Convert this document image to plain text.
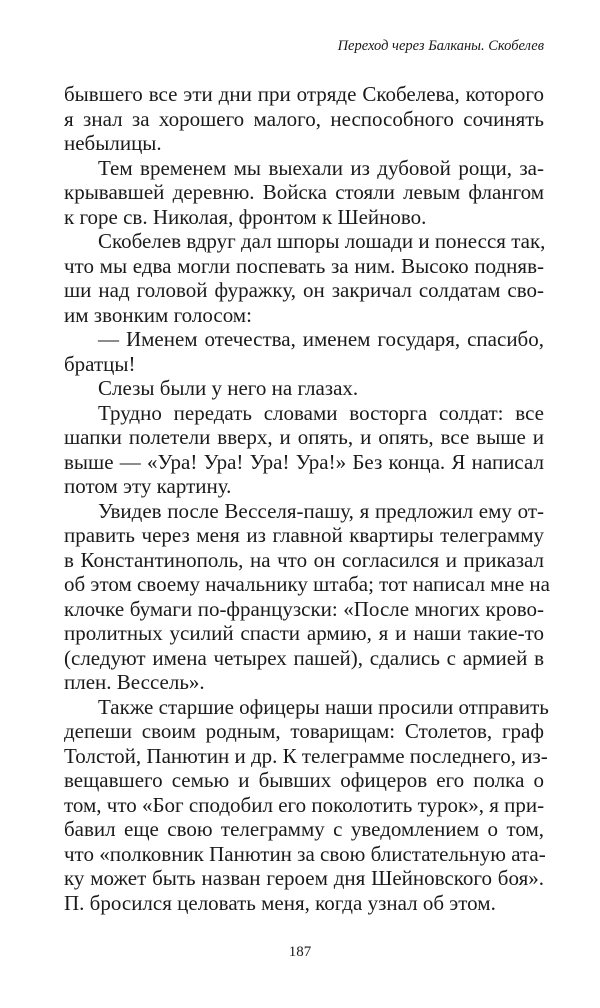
Переход через Балканы. Скобелев
бывшего все эти дни при отряде Скобелева, которого
я знал за хорошего малого, неспособного сочинять
небылицы.
Тем временем мы выехали из дубовой рощи, за-
крывавшей деревню. Войска стояли левым флангом
к горе св. Николая, фронтом к Шейново.
Скобелев вдруг дал шпоры лошади и понесся так,
что мы едва могли поспевать за ним. Высоко подняв-
ши над головой фуражку, он закричал солдатам сво-
им звонким голосом:
— Именем отечества, именем государя, спасибо,
братцы!
Слезы были у него на глазах.
Трудно передать словами восторга солдат: все
шапки полетели вверх, и опять, и опять, все выше и
выше — «Ура! Ура! Ура! Ура!» Без конца. Я написал
потом эту картину.
Увидев после Весселя-пашу, я предложил ему от-
править через меня из главной квартиры телеграмму
в Константинополь, на что он согласился и приказал
об этом своему начальнику штаба; тот написал мне на
клочке бумаги по-французски: «После многих крово-
пролитных усилий спасти армию, я и наши такие-то
(следуют имена четырех пашей), сдались с армией в
плен. Вессель».
Также старшие офицеры наши просили отправить
депеши своим родным, товарищам: Столетов, граф
Толстой, Панютин и др. К телеграмме последнего, из-
вещавшего семью и бывших офицеров его полка о
том, что «Бог сподобил его поколотить турок», я при-
бавил еще свою телеграмму с уведомлением о том,
что «полковник Панютин за свою блистательную ата-
ку может быть назван героем дня Шейновского боя».
П. бросился целовать меня, когда узнал об этом.
187
